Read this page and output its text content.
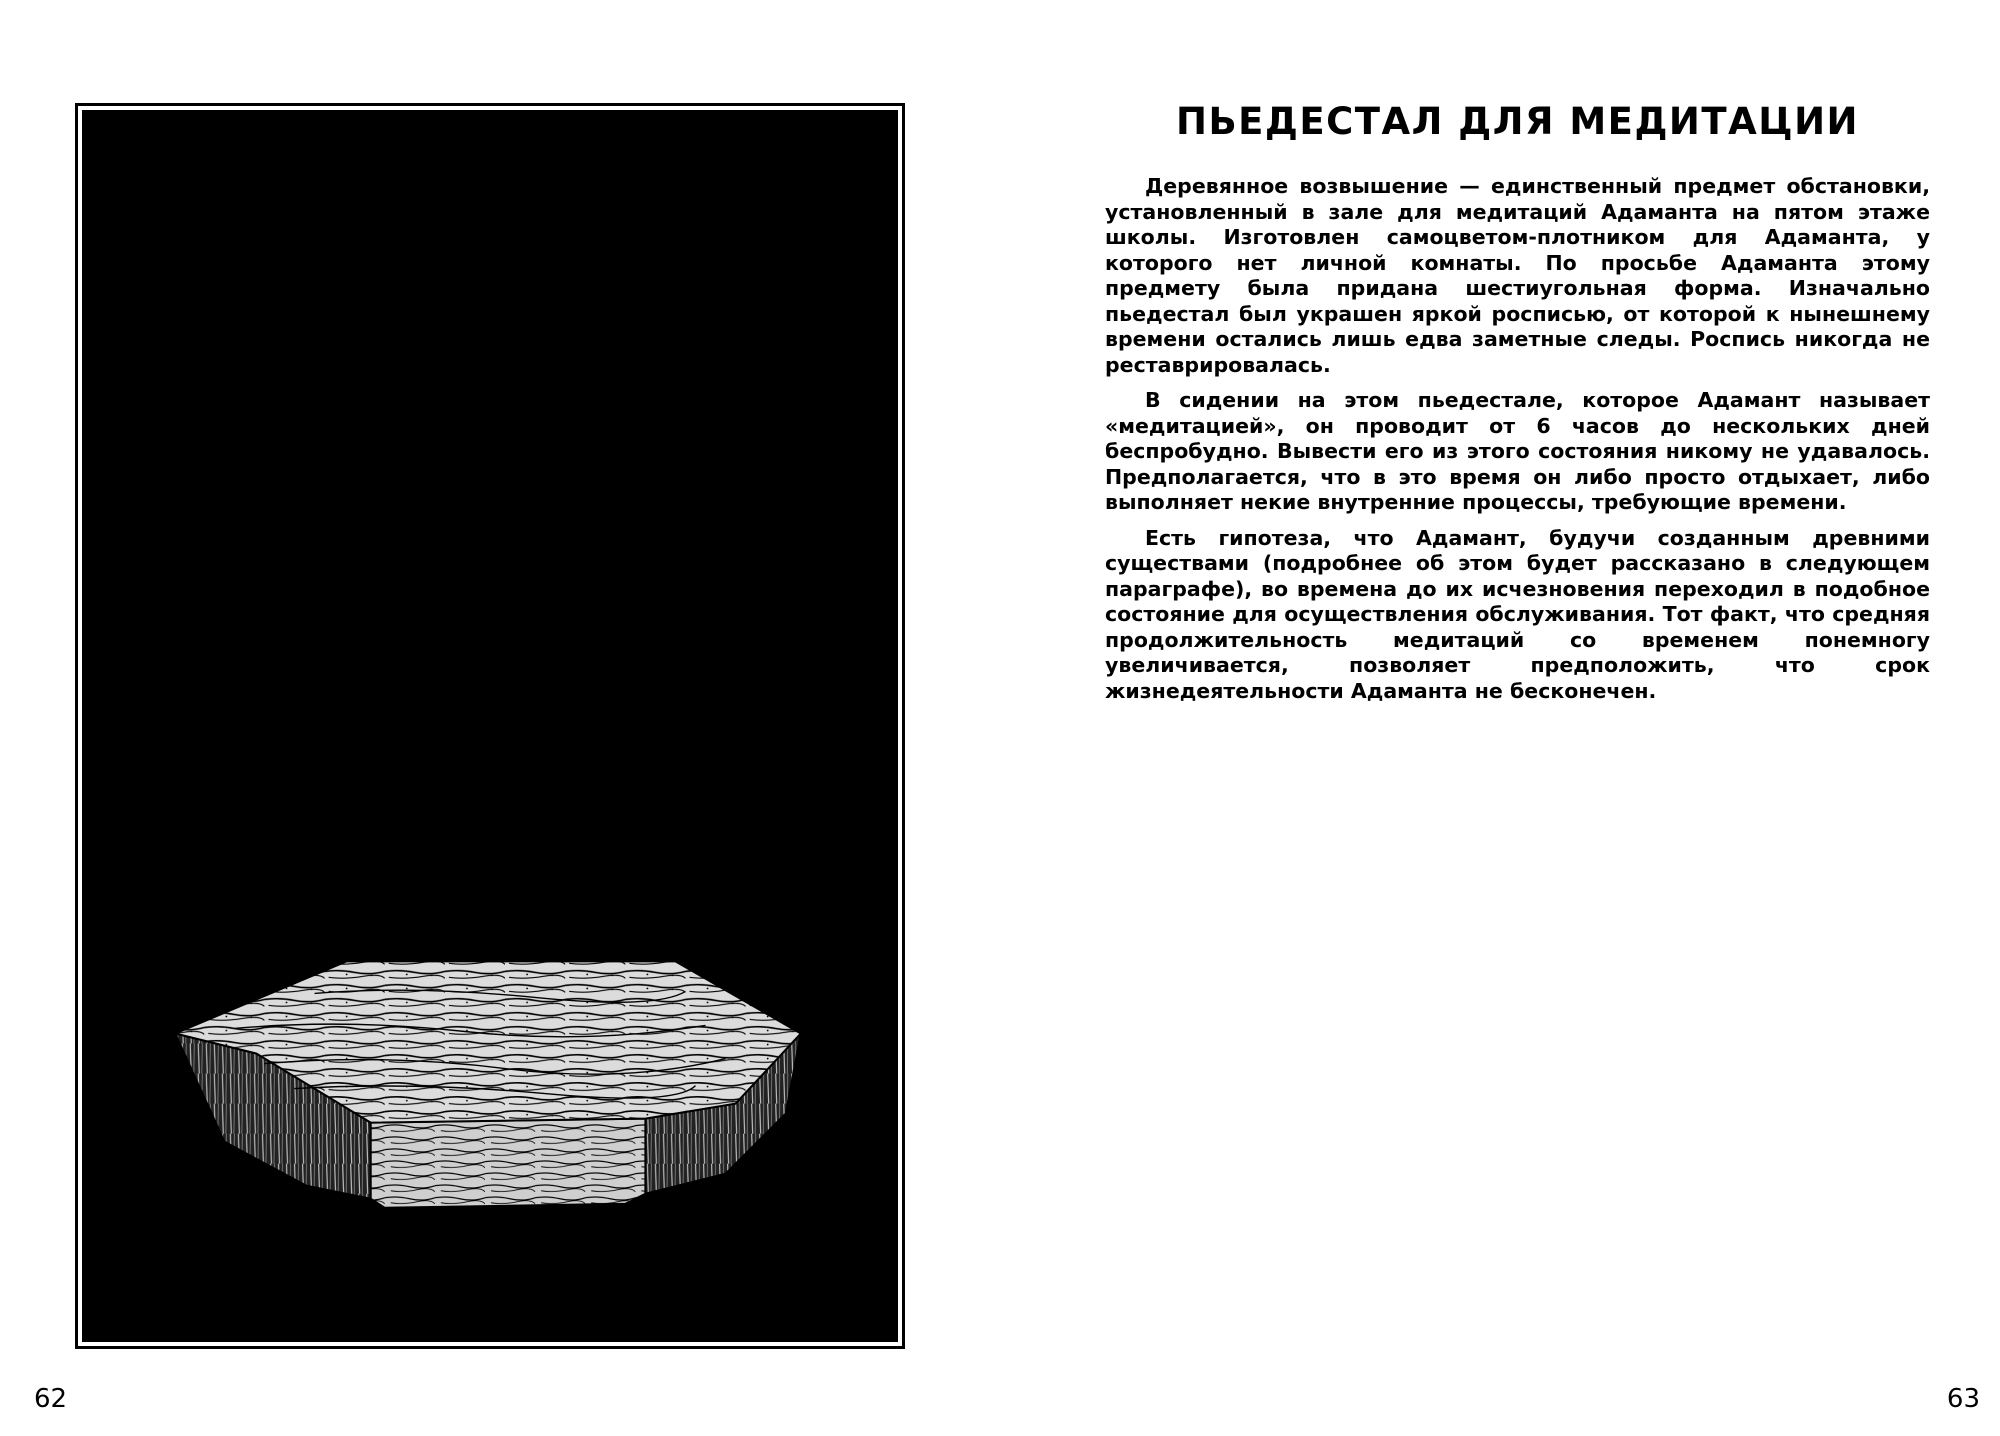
62
ПЬЕДЕСТАЛ ДЛЯ МЕДИТАЦИИ

Деревянное возвышение — единственный предмет обстановки, установленный в зале для медитаций Адаманта на пятом этаже школы. Изготовлен самоцветом-плотником для Адаманта, у которого нет личной комнаты. По просьбе Адаманта этому предмету была придана шестиугольная форма. Изначально пьедестал был украшен яркой росписью, от которой к нынешнему времени остались лишь едва заметные следы. Роспись никогда не реставрировалась.

В сидении на этом пьедестале, которое Адамант называет «медитацией», он проводит от 6 часов до нескольких дней беспробудно. Вывести его из этого состояния никому не удавалось. Предполагается, что в это время он либо просто отдыхает, либо выполняет некие внутренние процессы, требующие времени.

Есть гипотеза, что Адамант, будучи созданным древними существами (подробнее об этом будет рассказано в следующем параграфе), во времена до их исчезновения переходил в подобное состояние для осуществления обслуживания. Тот факт, что средняя продолжительность медитаций со временем понемногу увеличивается, позволяет предположить, что срок жизнедеятельности Адаманта не бесконечен.

63
